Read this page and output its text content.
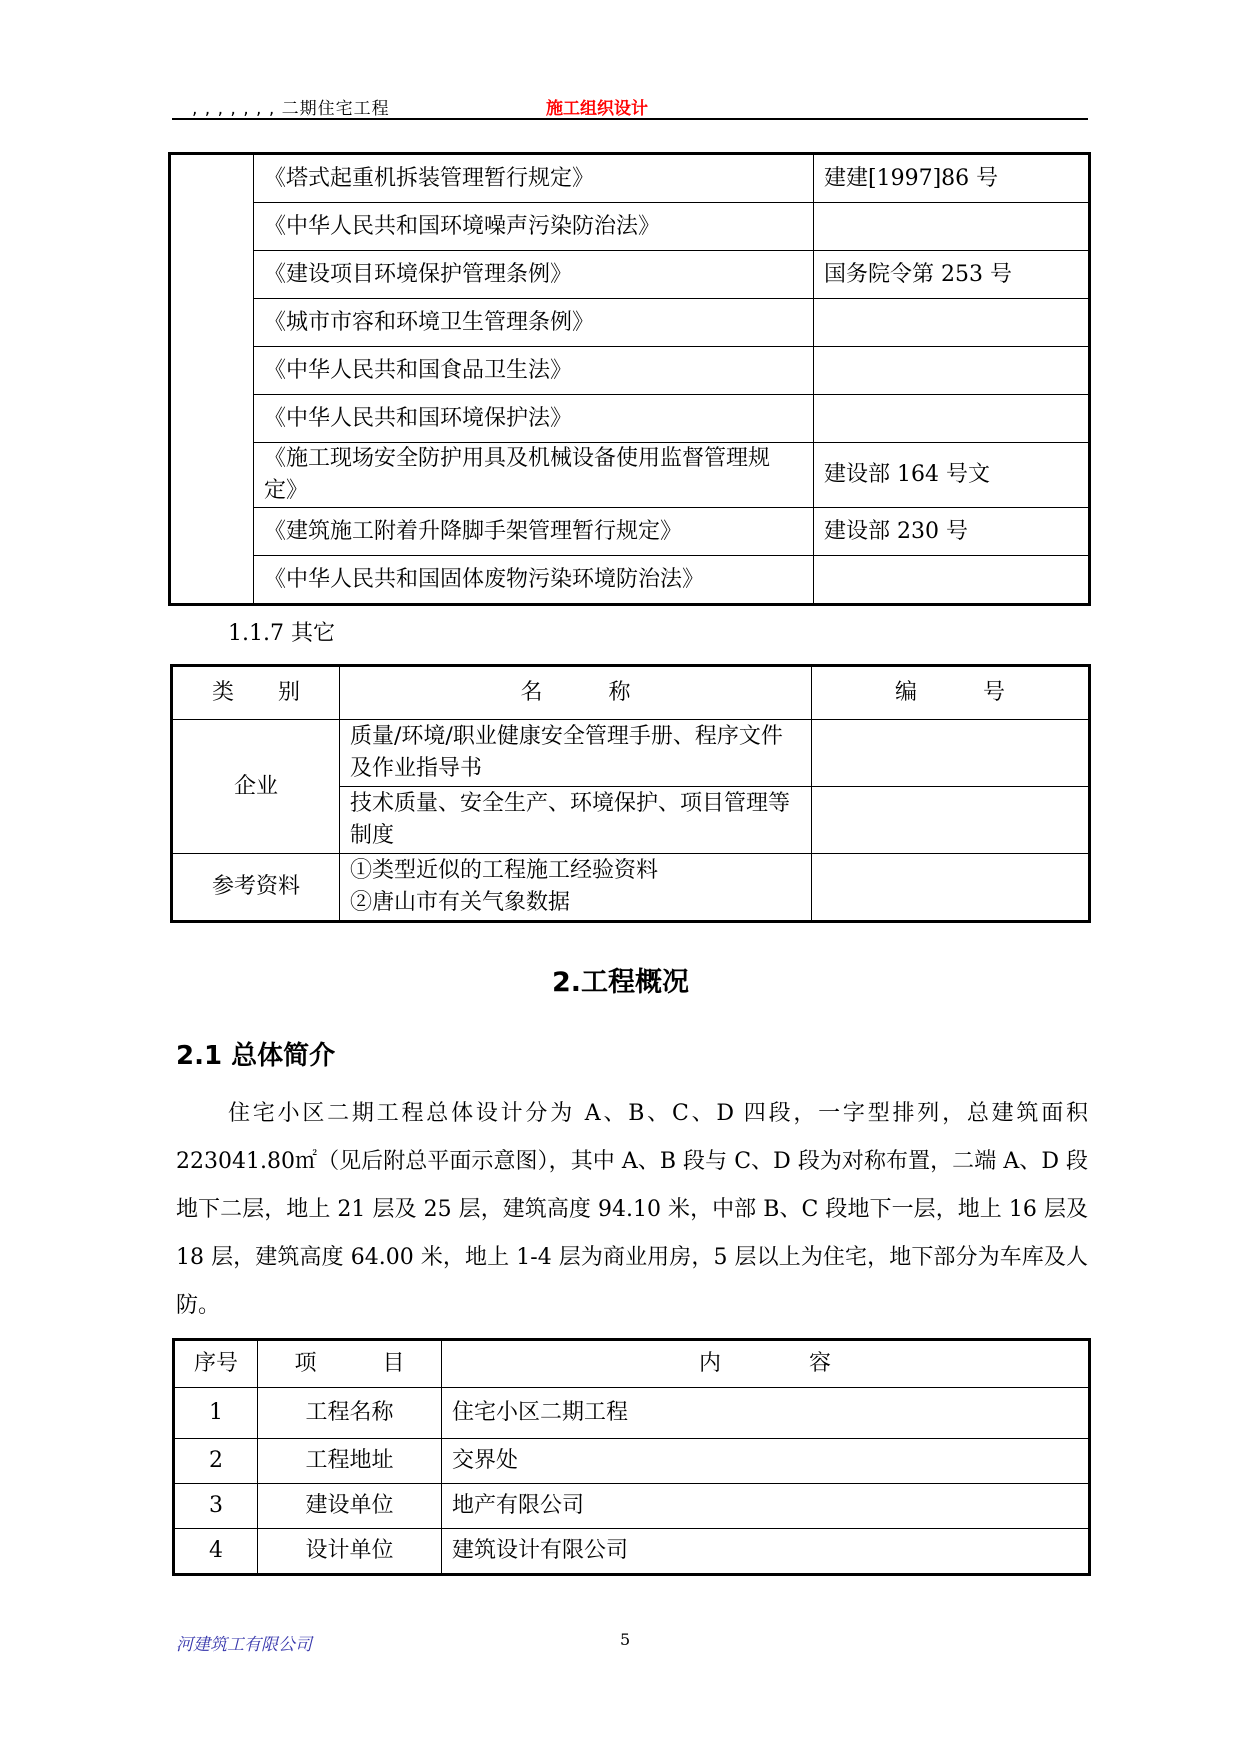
, , , , , , , 二期住宅工程	施工组织设计
	《塔式起重机拆装管理暂行规定》	建建[1997]86 号
	《中华人民共和国环境噪声污染防治法》	
	《建设项目环境保护管理条例》	国务院令第 253 号
	《城市市容和环境卫生管理条例》	
	《中华人民共和国食品卫生法》	
	《中华人民共和国环境保护法》	
	《施工现场安全防护用具及机械设备使用监督管理规定》	建设部 164 号文
	《建筑施工附着升降脚手架管理暂行规定》	建设部 230 号
	《中华人民共和国固体废物污染环境防治法》	
1.1.7 其它
类　　别	名　　　称	编　　　号
企业	质量/环境/职业健康安全管理手册、程序文件及作业指导书	
	技术质量、安全生产、环境保护、项目管理等制度	
参考资料	①类型近似的工程施工经验资料
②唐山市有关气象数据	

2.工程概况
2.1 总体简介
住宅小区二期工程总体设计分为 A、B、C、D 四段，一字型排列，总建筑面积 223041.80㎡（见后附总平面示意图），其中 A、B 段与 C、D 段为对称布置，二端 A、D 段地下二层，地上 21 层及 25 层，建筑高度 94.10 米，中部 B、C 段地下一层，地上 16 层及 18 层，建筑高度 64.00 米，地上 1-4 层为商业用房，5 层以上为住宅，地下部分为车库及人防。
序号	项　　　目	内　　　　容
1	工程名称	住宅小区二期工程
2	工程地址	交界处
3	建设单位	地产有限公司
4	设计单位	建筑设计有限公司
河建筑工有限公司	5
